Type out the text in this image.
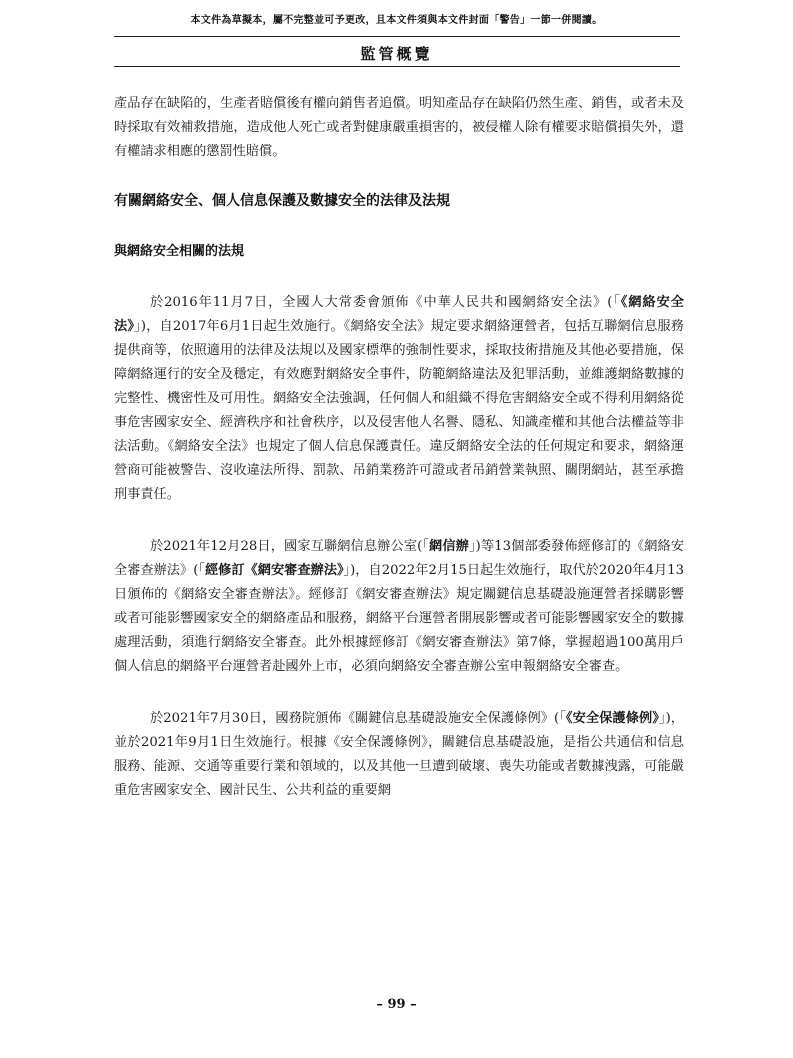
本文件為草擬本，屬不完整並可予更改，且本文件須與本文件封面「警告」一節一併閱讀。
監管概覽

產品存在缺陷的，生產者賠償後有權向銷售者追償。明知產品存在缺陷仍然生產、銷售，或者未及時採取有效補救措施，造成他人死亡或者對健康嚴重損害的，被侵權人除有權要求賠償損失外，還有權請求相應的懲罰性賠償。

有關網絡安全、個人信息保護及數據安全的法律及法規

與網絡安全相關的法規

於2016年11月7日，全國人大常委會頒佈《中華人民共和國網絡安全法》(「《網絡安全法》」)，自2017年6月1日起生效施行。《網絡安全法》規定要求網絡運營者，包括互聯網信息服務提供商等，依照適用的法律及法規以及國家標準的強制性要求，採取技術措施及其他必要措施，保障網絡運行的安全及穩定，有效應對網絡安全事件，防範網絡違法及犯罪活動，並維護網絡數據的完整性、機密性及可用性。網絡安全法強調，任何個人和組織不得危害網絡安全或不得利用網絡從事危害國家安全、經濟秩序和社會秩序，以及侵害他人名譽、隱私、知識產權和其他合法權益等非法活動。《網絡安全法》也規定了個人信息保護責任。違反網絡安全法的任何規定和要求，網絡運營商可能被警告、沒收違法所得、罰款、吊銷業務許可證或者吊銷營業執照、關閉網站，甚至承擔刑事責任。

於2021年12月28日，國家互聯網信息辦公室(「網信辦」)等13個部委發佈經修訂的《網絡安全審查辦法》(「經修訂《網安審查辦法》」)，自2022年2月15日起生效施行，取代於2020年4月13日頒佈的《網絡安全審查辦法》。經修訂《網安審查辦法》規定關鍵信息基礎設施運營者採購影響或者可能影響國家安全的網絡產品和服務，網絡平台運營者開展影響或者可能影響國家安全的數據處理活動，須進行網絡安全審查。此外根據經修訂《網安審查辦法》第7條，掌握超過100萬用戶個人信息的網絡平台運營者赴國外上市，必須向網絡安全審查辦公室申報網絡安全審查。

於2021年7月30日，國務院頒佈《關鍵信息基礎設施安全保護條例》(「《安全保護條例》」)，並於2021年9月1日生效施行。根據《安全保護條例》，關鍵信息基礎設施，是指公共通信和信息服務、能源、交通等重要行業和領域的，以及其他一旦遭到破壞、喪失功能或者數據洩露，可能嚴重危害國家安全、國計民生、公共利益的重要網

– 99 –
